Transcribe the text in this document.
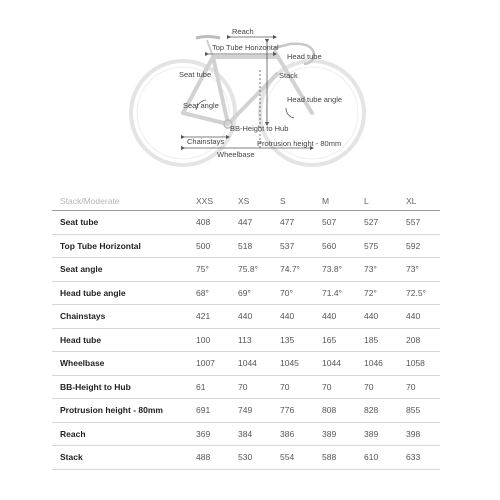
Reach
Top Tube Horizontal
Seat tube
Head tube
Stack
Seat angle
Head tube angle
BB-Height to Hub
Chainstays	Protrusion height - 80mm
Wheelbase
Stack/Moderate	XXS	XS	S	M	L	XL
Seat tube	408	447	477	507	527	557
Top Tube Horizontal	500	518	537	560	575	592
Seat angle	75°	75.8°	74.7°	73.8°	73°	73°
Head tube angle	68°	69°	70°	71.4°	72°	72.5°
Chainstays	421	440	440	440	440	440
Head tube	100	113	135	165	185	208
Wheelbase	1007	1044	1045	1044	1046	1058
BB-Height to Hub	61	70	70	70	70	70
Protrusion height - 80mm	691	749	776	808	828	855
Reach	369	384	386	389	389	398
Stack	488	530	554	588	610	633
